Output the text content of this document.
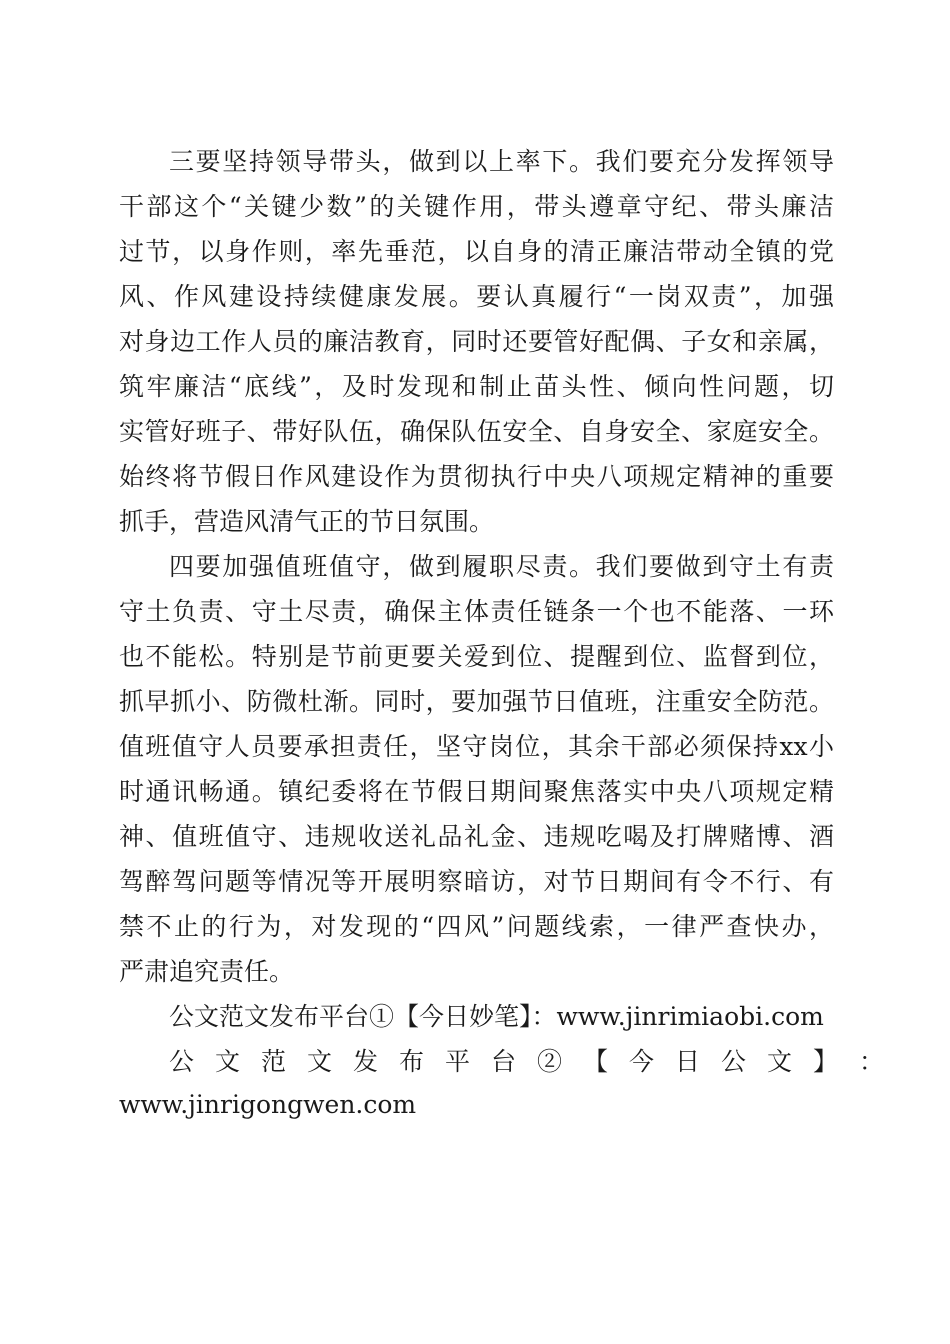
三要坚持领导带头，做到以上率下。我们要充分发挥领导
干部这个“关键少数”的关键作用，带头遵章守纪、带头廉洁
过节，以身作则，率先垂范，以自身的清正廉洁带动全镇的党
风、作风建设持续健康发展。要认真履行“一岗双责”，加强
对身边工作人员的廉洁教育，同时还要管好配偶、子女和亲属，
筑牢廉洁“底线”，及时发现和制止苗头性、倾向性问题，切
实管好班子、带好队伍，确保队伍安全、自身安全、家庭安全。
始终将节假日作风建设作为贯彻执行中央八项规定精神的重要
抓手，营造风清气正的节日氛围。
四要加强值班值守，做到履职尽责。我们要做到守土有责
守土负责、守土尽责，确保主体责任链条一个也不能落、一环
也不能松。特别是节前更要关爱到位、提醒到位、监督到位，
抓早抓小、防微杜渐。同时，要加强节日值班，注重安全防范。
值班值守人员要承担责任，坚守岗位，其余干部必须保持xx小
时通讯畅通。镇纪委将在节假日期间聚焦落实中央八项规定精
神、值班值守、违规收送礼品礼金、违规吃喝及打牌赌博、酒
驾醉驾问题等情况等开展明察暗访，对节日期间有令不行、有
禁不止的行为，对发现的“四风”问题线索，一律严查快办，
严肃追究责任。
公文范文发布平台①【今日妙笔】：www.jinrimiaobi.com
公 文 范 文 发 布 平 台 ② 【 今 日 公 文 】 ：
www.jinrigongwen.com
